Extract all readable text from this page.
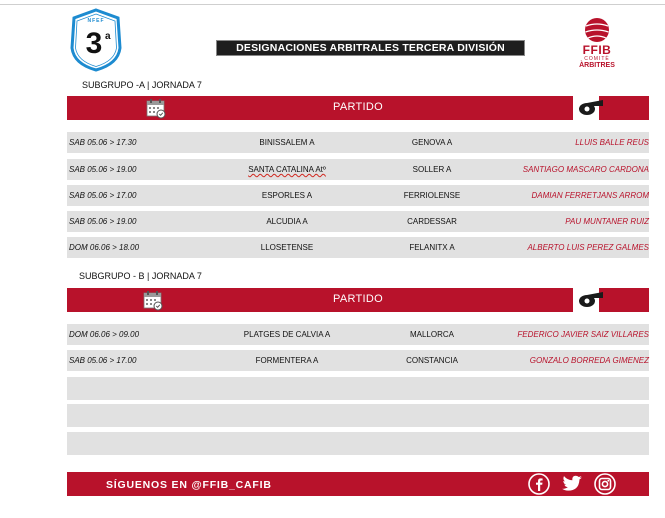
NFEF
3 a
DESIGNACIONES ARBITRALES TERCERA DIVISIÓN	FFIB
COMITÈ
ÀRBITRES
SUBGRUPO -A | JORNADA 7
PARTIDO
SAB 05.06 > 17.30	BINISSALEM A	GENOVA A	LLUIS BALLE REUS
SAB 05.06 > 19.00	SANTA CATALINA Atº	SOLLER A	SANTIAGO MASCARO CARDONA
SAB 05.06 > 17.00	ESPORLES A	FERRIOLENSE	DAMIAN FERRETJANS ARROM
SAB 05.06 > 19.00	ALCUDIA A	CARDESSAR	PAU MUNTANER RUIZ
DOM 06.06 > 18.00	LLOSETENSE	FELANITX A	ALBERTO LUIS PEREZ GALMES
SUBGRUPO - B | JORNADA 7
PARTIDO
DOM 06.06 > 09.00	PLATGES DE CALVIA A	MALLORCA	FEDERICO JAVIER SAIZ VILLARES
SAB 05.06 > 17.00	FORMENTERA A	CONSTANCIA	GONZALO BORREDA GIMENEZ
SÍGUENOS EN @FFIB_CAFIB
